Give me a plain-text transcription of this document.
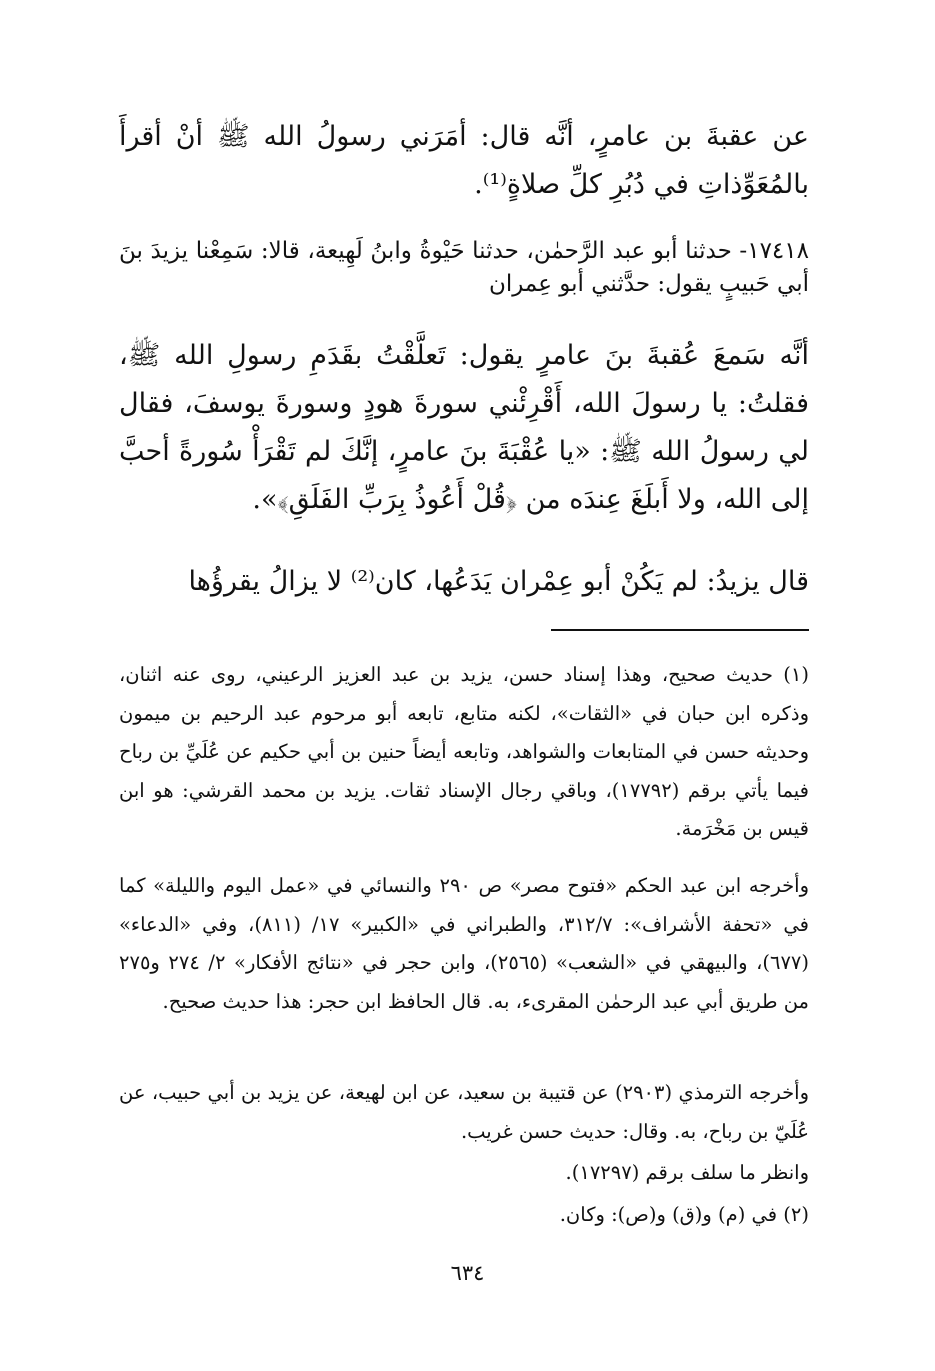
عن عقبةَ بن عامرٍ، أنَّه قال: أمَرَني رسولُ الله ﷺ أنْ أقرأَ بالمُعَوِّذاتِ في دُبُرِ كلِّ صلاةٍ⁽¹⁾.

١٧٤١٨- حدثنا أبو عبد الرَّحمٰن، حدثنا حَيْوةُ وابنُ لَهِيعة، قالا: سَمِعْنا يزيدَ بنَ أبي حَبيبٍ يقول: حدَّثني أبو عِمران

أنَّه سَمعَ عُقبةَ بنَ عامرٍ يقول: تَعلَّقْتُ بقَدَمِ رسولِ الله ﷺ، فقلتُ: يا رسولَ الله، أَقْرِئْني سورةَ هودٍ وسورةَ يوسفَ، فقال لي رسولُ الله ﷺ: «يا عُقْبَةَ بنَ عامرٍ، إنَّكَ لم تَقْرَأْ سُورةً أحبَّ إلى الله، ولا أَبلَغَ عِندَه من ﴿قُلْ أَعُوذُ بِرَبِّ الفَلَقِ﴾».

قال يزيدُ: لم يَكُنْ أبو عِمْران يَدَعُها، كان⁽²⁾ لا يزالُ يقرؤُها

(١) حديث صحيح، وهذا إسناد حسن، يزيد بن عبد العزيز الرعيني، روى عنه اثنان، وذكره ابن حبان في «الثقات»، لكنه متابع، تابعه أبو مرحوم عبد الرحيم بن ميمون وحديثه حسن في المتابعات والشواهد، وتابعه أيضاً حنين بن أبي حكيم عن عُلَيِّ بن رباح فيما يأتي برقم (١٧٧٩٢)، وباقي رجال الإسناد ثقات. يزيد بن محمد القرشي: هو ابن قيس بن مَخْرَمة.

وأخرجه ابن عبد الحكم «فتوح مصر» ص ٢٩٠ والنسائي في «عمل اليوم والليلة» كما في «تحفة الأشراف»: ٣١٢/٧، والطبراني في «الكبير» ١٧/ (٨١١)، وفي «الدعاء» (٦٧٧)، والبيهقي في «الشعب» (٢٥٦٥)، وابن حجر في «نتائج الأفكار» ٢/ ٢٧٤ و٢٧٥ من طريق أبي عبد الرحمٰن المقرىء، به. قال الحافظ ابن حجر: هذا حديث صحيح.

وأخرجه الترمذي (٢٩٠٣) عن قتيبة بن سعيد، عن ابن لهيعة، عن يزيد بن أبي حبيب، عن عُلَيّ بن رباح، به. وقال: حديث حسن غريب.

وانظر ما سلف برقم (١٧٢٩٧).

(٢) في (م) و(ق) و(ص): وكان.

٦٣٤
